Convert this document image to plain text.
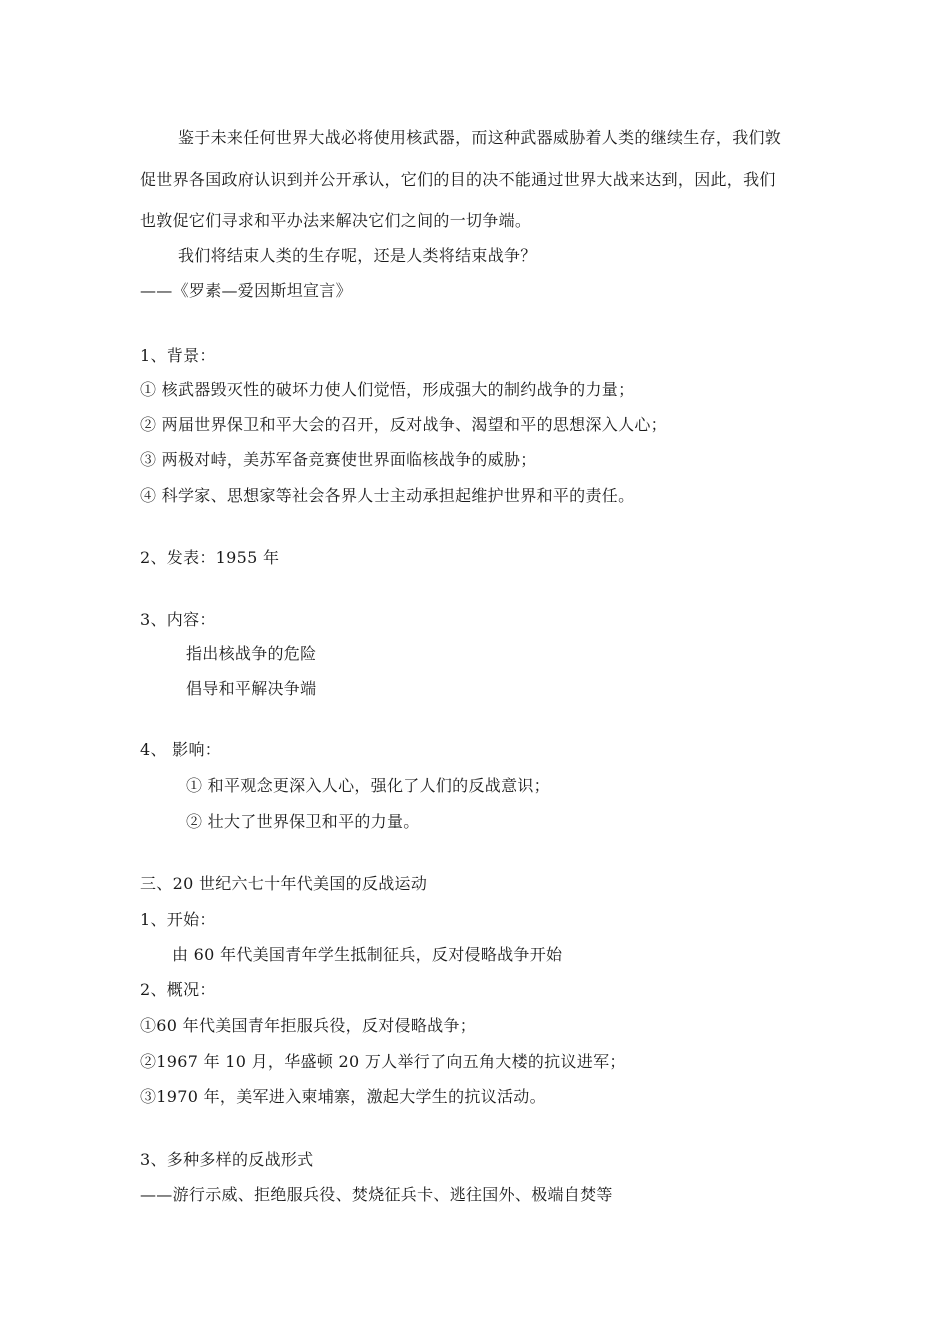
鉴于未来任何世界大战必将使用核武器，而这种武器威胁着人类的继续生存，我们敦
促世界各国政府认识到并公开承认，它们的目的决不能通过世界大战来达到，因此，我们
也敦促它们寻求和平办法来解决它们之间的一切争端。
我们将结束人类的生存呢，还是人类将结束战争？
——《罗素—爱因斯坦宣言》
1、背景：
① 核武器毁灭性的破坏力使人们觉悟，形成强大的制约战争的力量；
② 两届世界保卫和平大会的召开，反对战争、渴望和平的思想深入人心；
③ 两极对峙，美苏军备竞赛使世界面临核战争的威胁；
④ 科学家、思想家等社会各界人士主动承担起维护世界和平的责任。
2、发表：1955 年
3、内容：
指出核战争的危险
倡导和平解决争端
4、 影响：
① 和平观念更深入人心，强化了人们的反战意识；
② 壮大了世界保卫和平的力量。
三、20 世纪六七十年代美国的反战运动
1、开始：
由 60 年代美国青年学生抵制征兵，反对侵略战争开始
2、概况：
①60 年代美国青年拒服兵役，反对侵略战争；
②1967 年 10 月，华盛顿 20 万人举行了向五角大楼的抗议进军；
③1970 年，美军进入柬埔寨，激起大学生的抗议活动。
3、多种多样的反战形式
——游行示威、拒绝服兵役、焚烧征兵卡、逃往国外、极端自焚等
